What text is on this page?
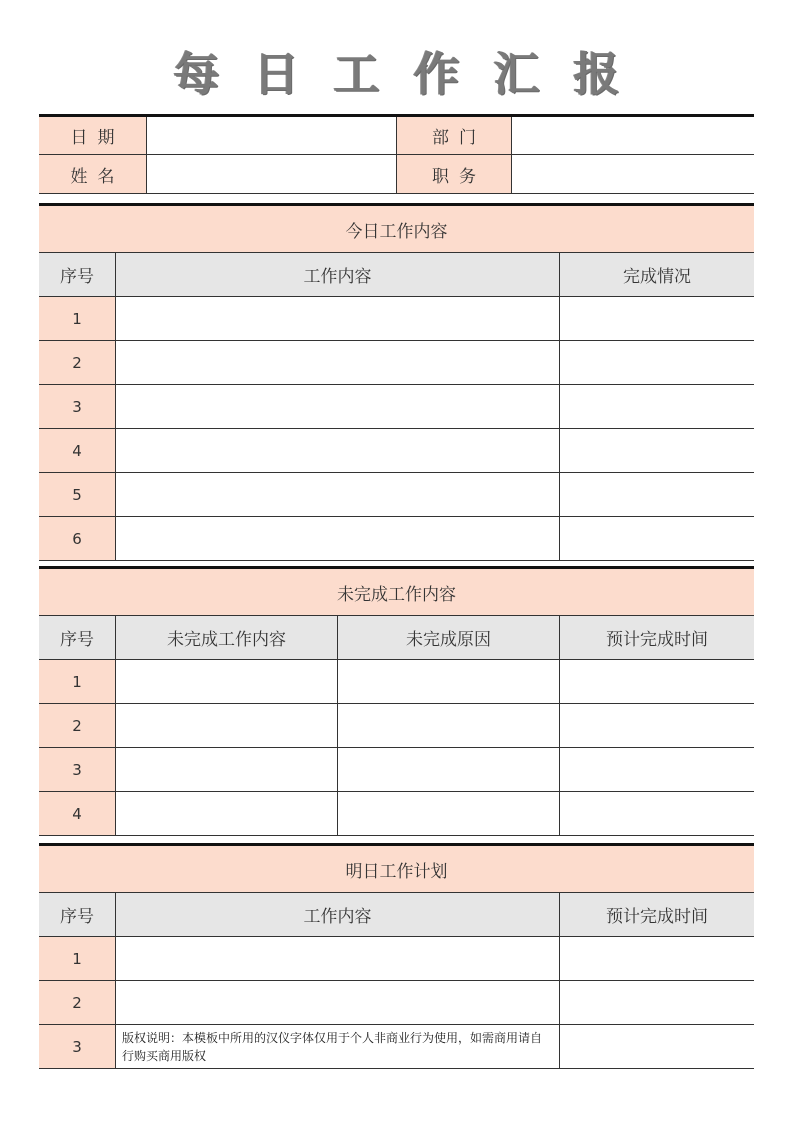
每日工作汇报
日期	部门
姓名	职务
今日工作内容
序号	工作内容	完成情况
1
2
3
4
5
6
未完成工作内容
序号	未完成工作内容	未完成原因	预计完成时间
1
2
3
4
明日工作计划
序号	工作内容	预计完成时间
1
2
3	版权说明：本模板中所用的汉仪字体仅用于个人非商业行为使用，如需商用请自行购买商用版权
